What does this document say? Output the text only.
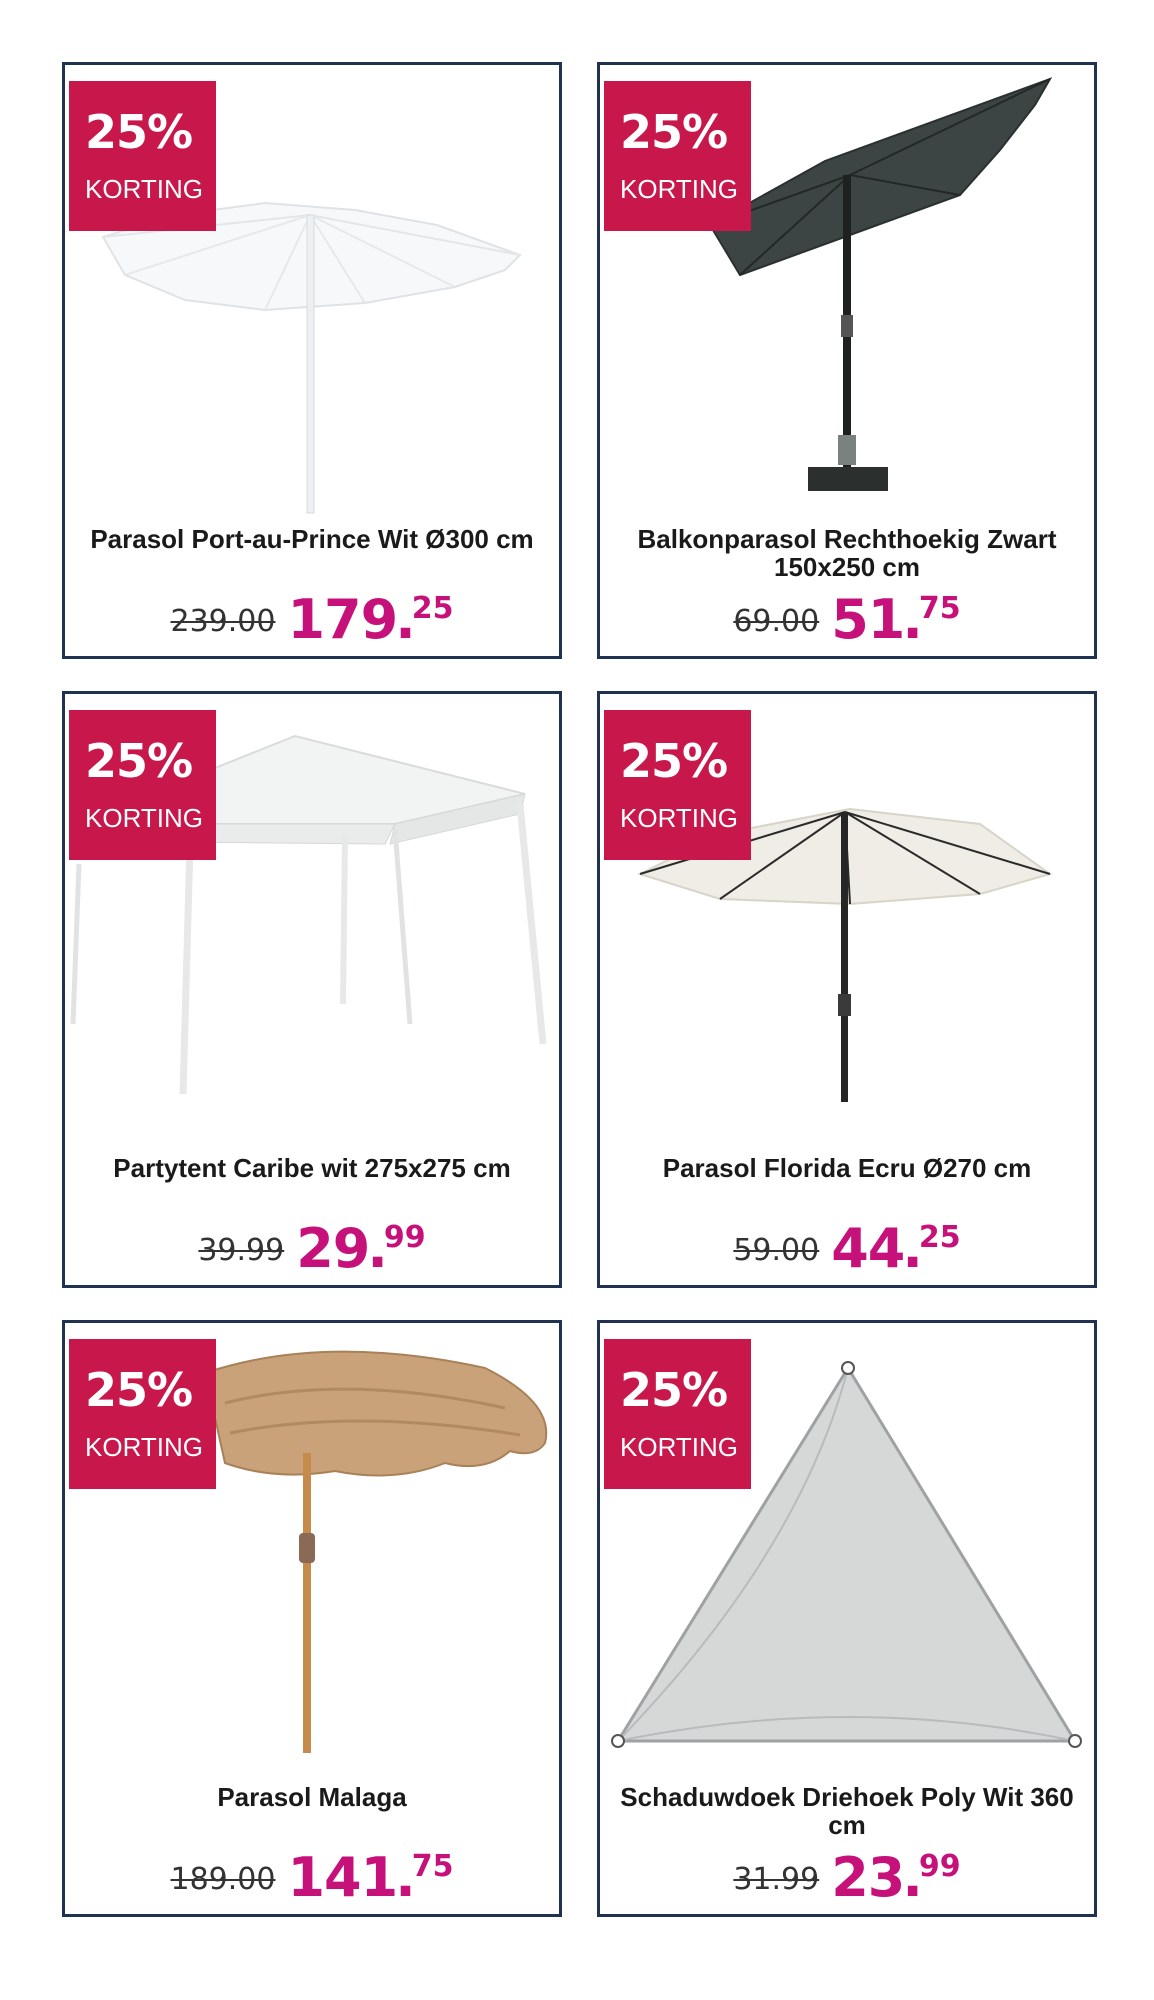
25%
KORTING
Parasol Port-au-Prince Wit Ø300 cm
239.00 179
.
25
25%
KORTING
Balkonparasol Rechthoekig Zwart 150x250 cm
69.00 51
.
75
25%
KORTING
Partytent Caribe wit 275x275 cm
39.99 29
.
99
25%
KORTING
Parasol Florida Ecru Ø270 cm
59.00 44
.
25
25%
KORTING
Parasol Malaga
189.00 141
.
75
25%
KORTING
Schaduwdoek Driehoek Poly Wit 360 cm
31.99 23
.
99
